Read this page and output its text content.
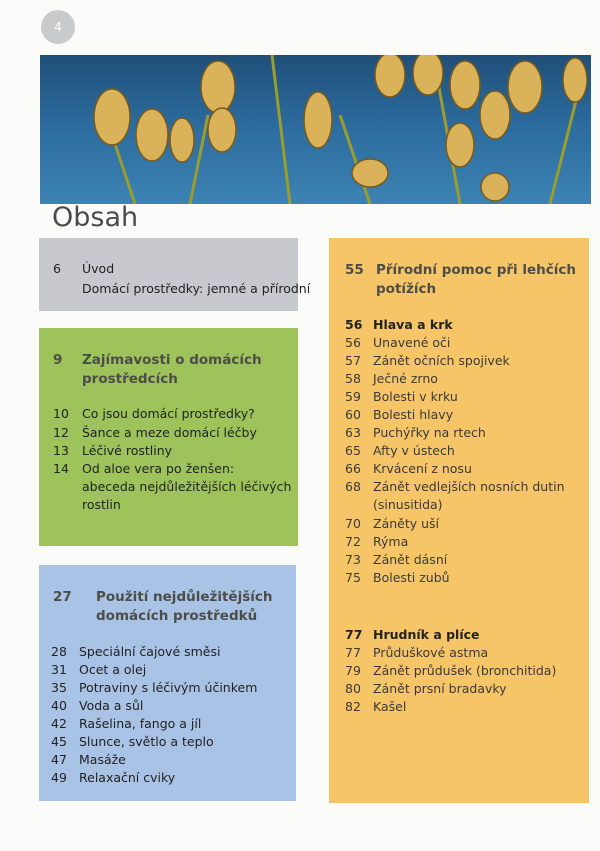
4
Obsah
6 Úvod
Domácí prostředky: jemné a přírodní
9 Zajímavosti o domácích
prostředcích
10 Co jsou domácí prostředky?
12 Šance a meze domácí léčby
13 Léčivé rostliny
14 Od aloe vera po ženšen:
abeceda nejdůležitějších léčivých
rostlin
27 Použití nejdůležitějších
domácích prostředků
28 Speciální čajové směsi
31 Ocet a olej
35 Potraviny s léčivým účinkem
40 Voda a sůl
42 Rašelina, fango a jíl
45 Slunce, světlo a teplo
47 Masáže
49 Relaxační cviky
55 Přírodní pomoc při lehčích
potížích
56 Hlava a krk
56 Unavené oči
57 Zánět očních spojivek
58 Ječné zrno
59 Bolesti v krku
60 Bolesti hlavy
63 Puchýřky na rtech
65 Afty v ústech
66 Krvácení z nosu
68 Zánět vedlejších nosních dutin
(sinusitida)
70 Záněty uší
72 Rýma
73 Zánět dásní
75 Bolesti zubů
77 Hrudník a plíce
77 Průduškové astma
79 Zánět průdušek (bronchitida)
80 Zánět prsní bradavky
82 Kašel
